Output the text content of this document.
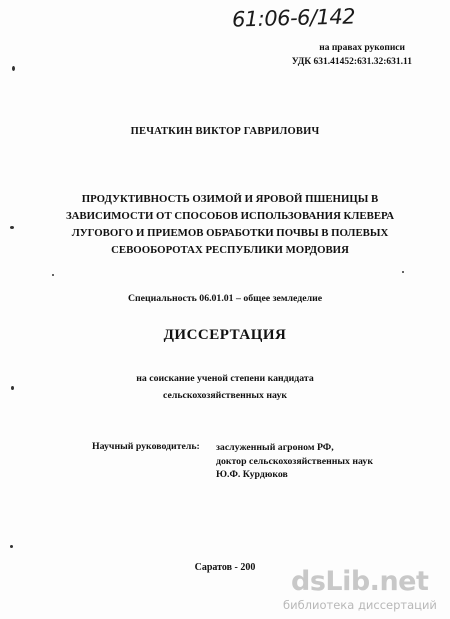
61:06-6/142
на правах рукописи
УДК 631.41452:631.32:631.11
ПЕЧАТКИН ВИКТОР ГАВРИЛОВИЧ
ПРОДУКТИВНОСТЬ ОЗИМОЙ И ЯРОВОЙ ПШЕНИЦЫ В
ЗАВИСИМОСТИ ОТ СПОСОБОВ ИСПОЛЬЗОВАНИЯ КЛЕВЕРА
ЛУГОВОГО И ПРИЕМОВ ОБРАБОТКИ ПОЧВЫ В ПОЛЕВЫХ
СЕВООБОРОТАХ РЕСПУБЛИКИ МОРДОВИЯ
Специальность 06.01.01 – общее земледелие
ДИССЕРТАЦИЯ
на соискание ученой степени кандидата
сельскохозяйственных наук
Научный руководитель: заслуженный агроном РФ,
доктор сельскохозяйственных наук
Ю.Ф. Курдюков
Саратов - 200	dsLib.net
библиотека диссертаций
